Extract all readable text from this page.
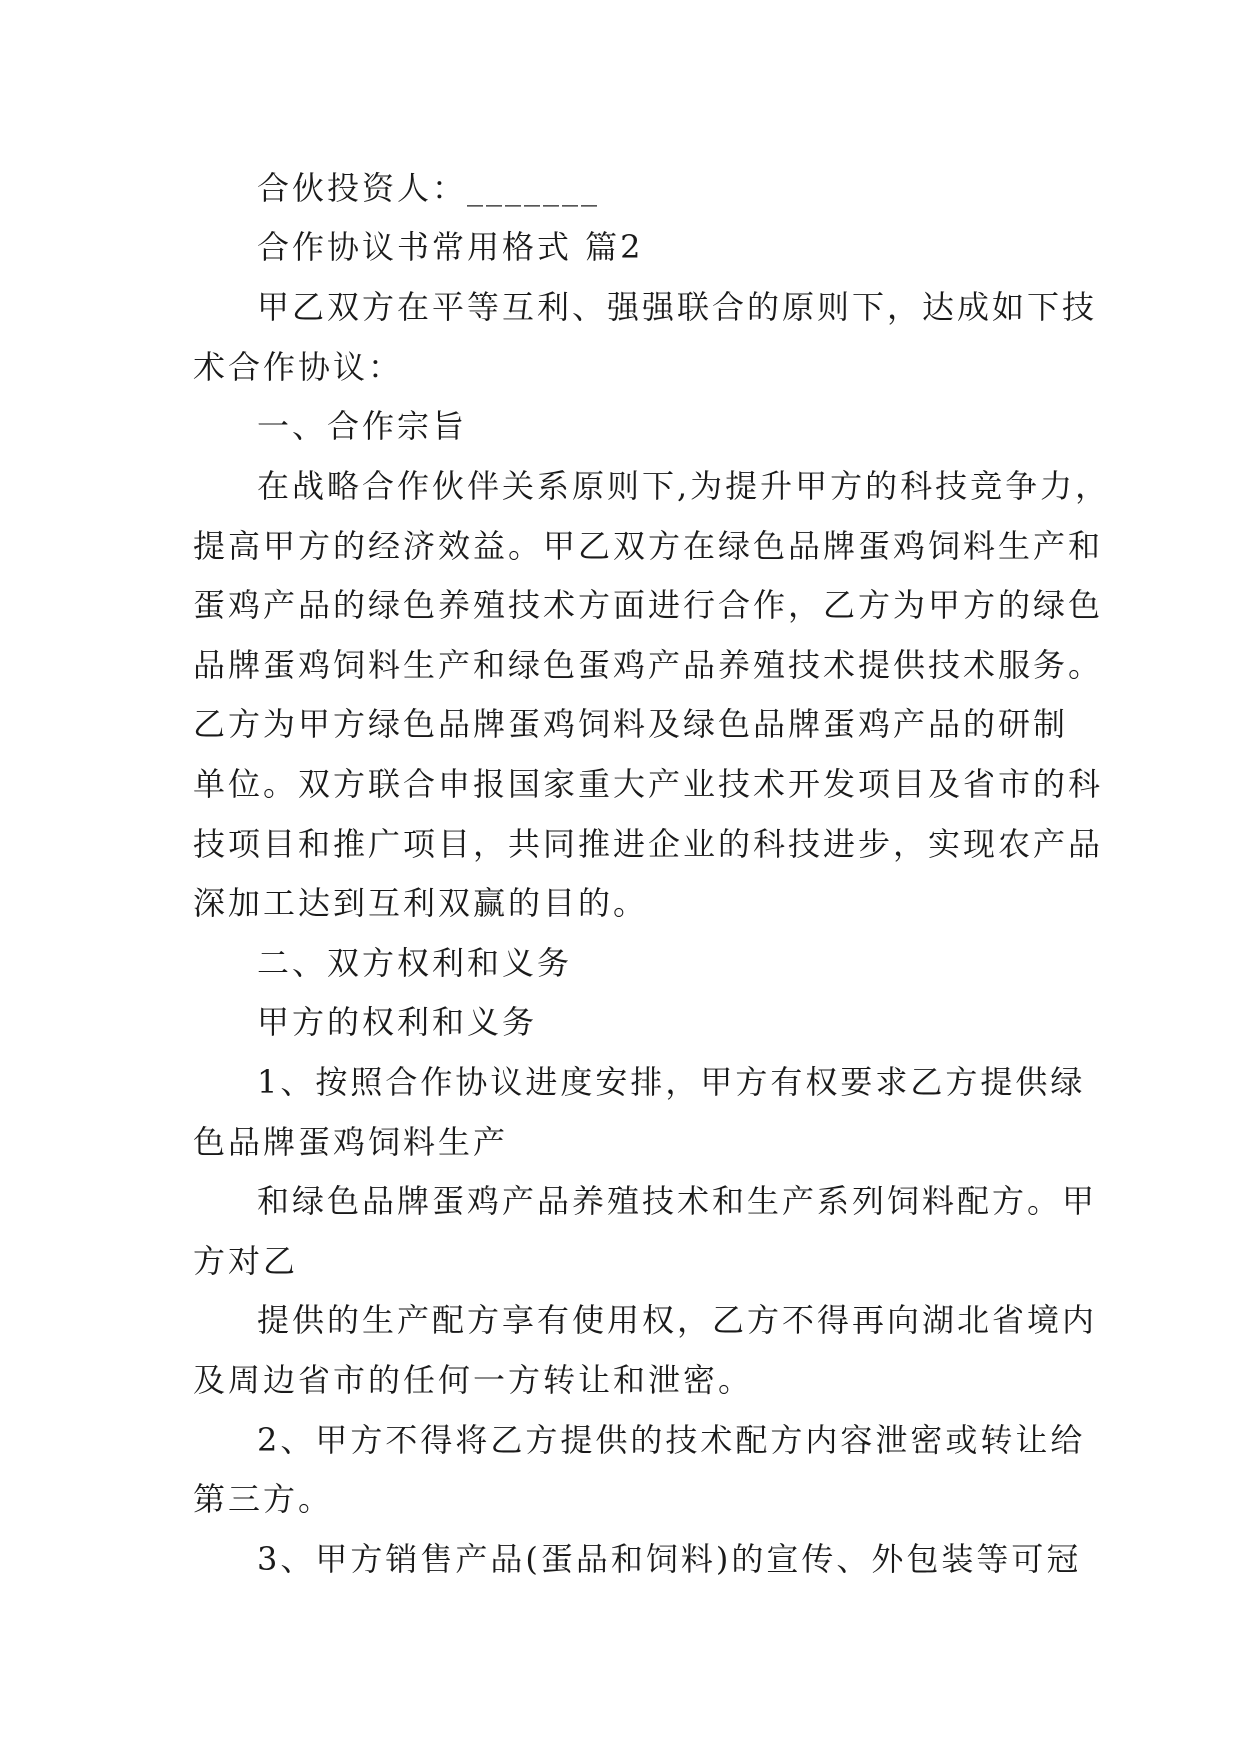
合伙投资人：_______
合作协议书常用格式 篇2
甲乙双方在平等互利、强强联合的原则下，达成如下技
术合作协议：
一、合作宗旨
在战略合作伙伴关系原则下,为提升甲方的科技竞争力，
提高甲方的经济效益。甲乙双方在绿色品牌蛋鸡饲料生产和
蛋鸡产品的绿色养殖技术方面进行合作，乙方为甲方的绿色
品牌蛋鸡饲料生产和绿色蛋鸡产品养殖技术提供技术服务。
乙方为甲方绿色品牌蛋鸡饲料及绿色品牌蛋鸡产品的研制
单位。双方联合申报国家重大产业技术开发项目及省市的科
技项目和推广项目，共同推进企业的科技进步，实现农产品
深加工达到互利双赢的目的。
二、双方权利和义务
甲方的权利和义务
1、按照合作协议进度安排，甲方有权要求乙方提供绿
色品牌蛋鸡饲料生产
和绿色品牌蛋鸡产品养殖技术和生产系列饲料配方。甲
方对乙
提供的生产配方享有使用权，乙方不得再向湖北省境内
及周边省市的任何一方转让和泄密。
2、甲方不得将乙方提供的技术配方内容泄密或转让给
第三方。
3、甲方销售产品(蛋品和饲料)的宣传、外包装等可冠
